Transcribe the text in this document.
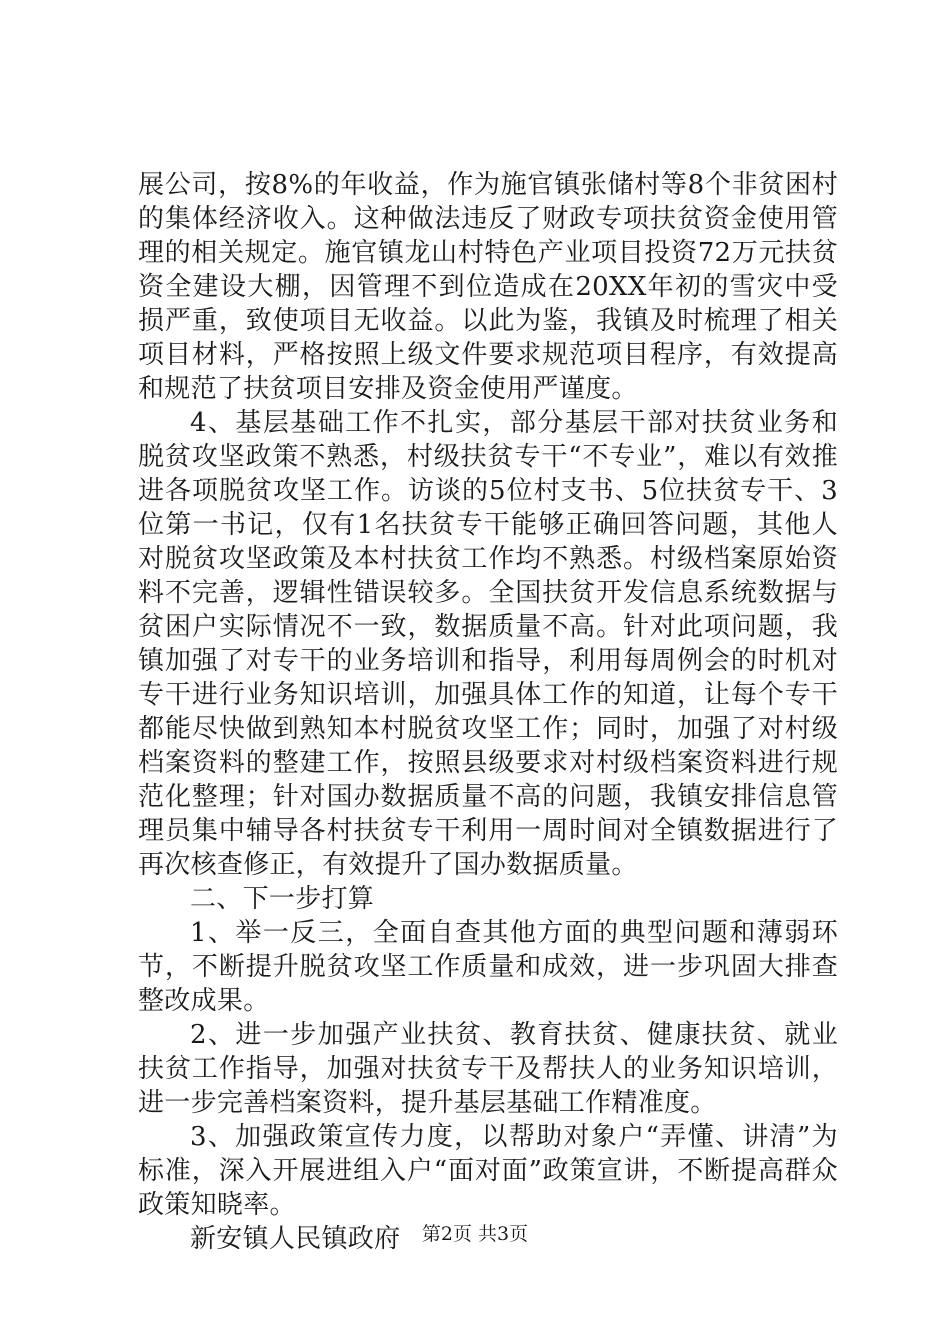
展公司，按8%的年收益，作为施官镇张储村等8个非贫困村的集体经济收入。这种做法违反了财政专项扶贫资金使用管理的相关规定。施官镇龙山村特色产业项目投资72万元扶贫资全建设大棚，因管理不到位造成在20XX年初的雪灾中受损严重，致使项目无收益。以此为鉴，我镇及时梳理了相关项目材料，严格按照上级文件要求规范项目程序，有效提高和规范了扶贫项目安排及资金使用严谨度。

4、基层基础工作不扎实，部分基层干部对扶贫业务和脱贫攻坚政策不熟悉，村级扶贫专干“不专业”，难以有效推进各项脱贫攻坚工作。访谈的5位村支书、5位扶贫专干、3位第一书记，仅有1名扶贫专干能够正确回答问题，其他人对脱贫攻坚政策及本村扶贫工作均不熟悉。村级档案原始资料不完善，逻辑性错误较多。全国扶贫开发信息系统数据与贫困户实际情况不一致，数据质量不高。针对此项问题，我镇加强了对专干的业务培训和指导，利用每周例会的时机对专干进行业务知识培训，加强具体工作的知道，让每个专干都能尽快做到熟知本村脱贫攻坚工作；同时，加强了对村级档案资料的整建工作，按照县级要求对村级档案资料进行规范化整理；针对国办数据质量不高的问题，我镇安排信息管理员集中辅导各村扶贫专干利用一周时间对全镇数据进行了再次核查修正，有效提升了国办数据质量。

二、下一步打算

1、举一反三，全面自查其他方面的典型问题和薄弱环节，不断提升脱贫攻坚工作质量和成效，进一步巩固大排查整改成果。

2、进一步加强产业扶贫、教育扶贫、健康扶贫、就业扶贫工作指导，加强对扶贫专干及帮扶人的业务知识培训，进一步完善档案资料，提升基层基础工作精准度。

3、加强政策宣传力度，以帮助对象户“弄懂、讲清”为标准，深入开展进组入户“面对面”政策宣讲，不断提高群众政策知晓率。

新安镇人民镇政府	第2页 共3页
